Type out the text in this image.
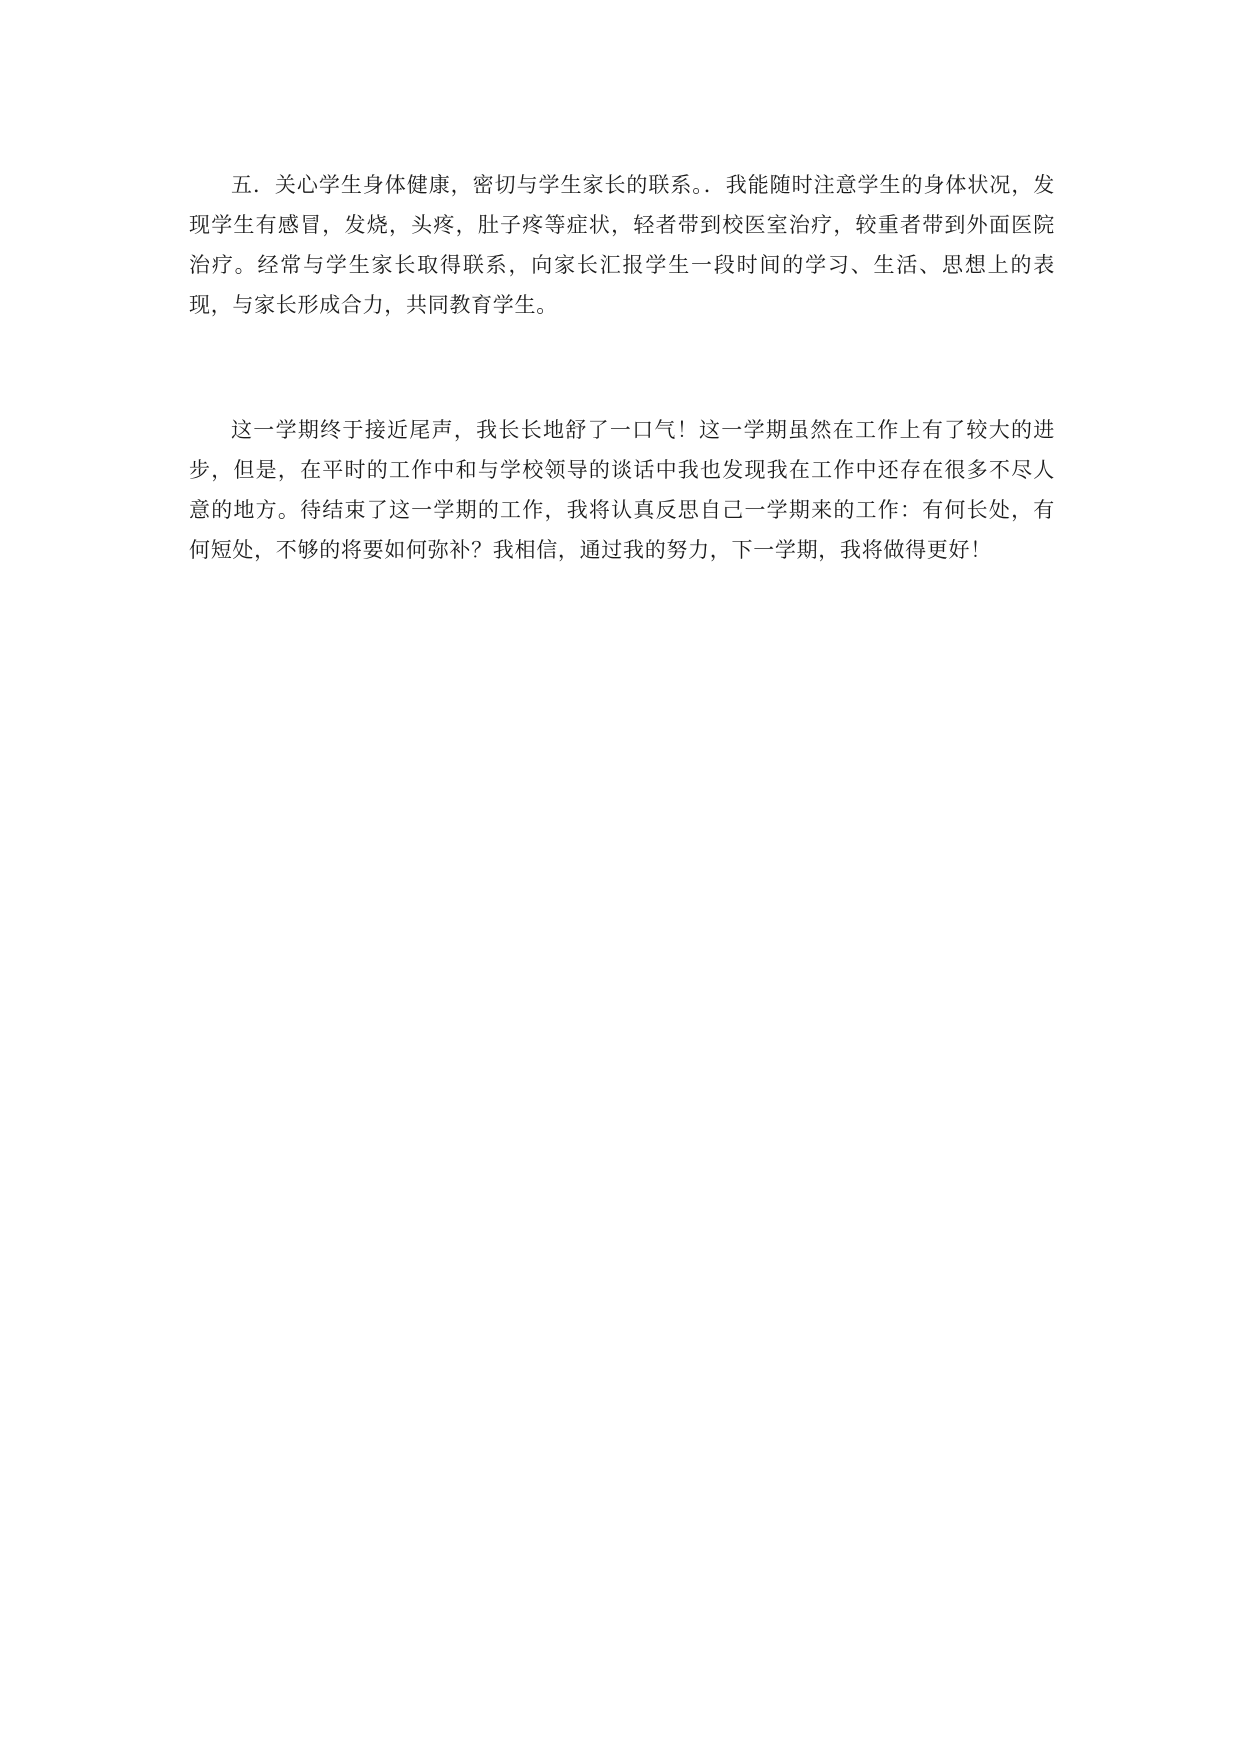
五．关心学生身体健康，密切与学生家长的联系。．我能随时注意学生的身体状况，发现学生有感冒，发烧，头疼，肚子疼等症状，轻者带到校医室治疗，较重者带到外面医院治疗。经常与学生家长取得联系，向家长汇报学生一段时间的学习、生活、思想上的表现，与家长形成合力，共同教育学生。

这一学期终于接近尾声，我长长地舒了一口气！这一学期虽然在工作上有了较大的进步，但是，在平时的工作中和与学校领导的谈话中我也发现我在工作中还存在很多不尽人意的地方。待结束了这一学期的工作，我将认真反思自己一学期来的工作：有何长处，有何短处，不够的将要如何弥补？我相信，通过我的努力，下一学期，我将做得更好！
